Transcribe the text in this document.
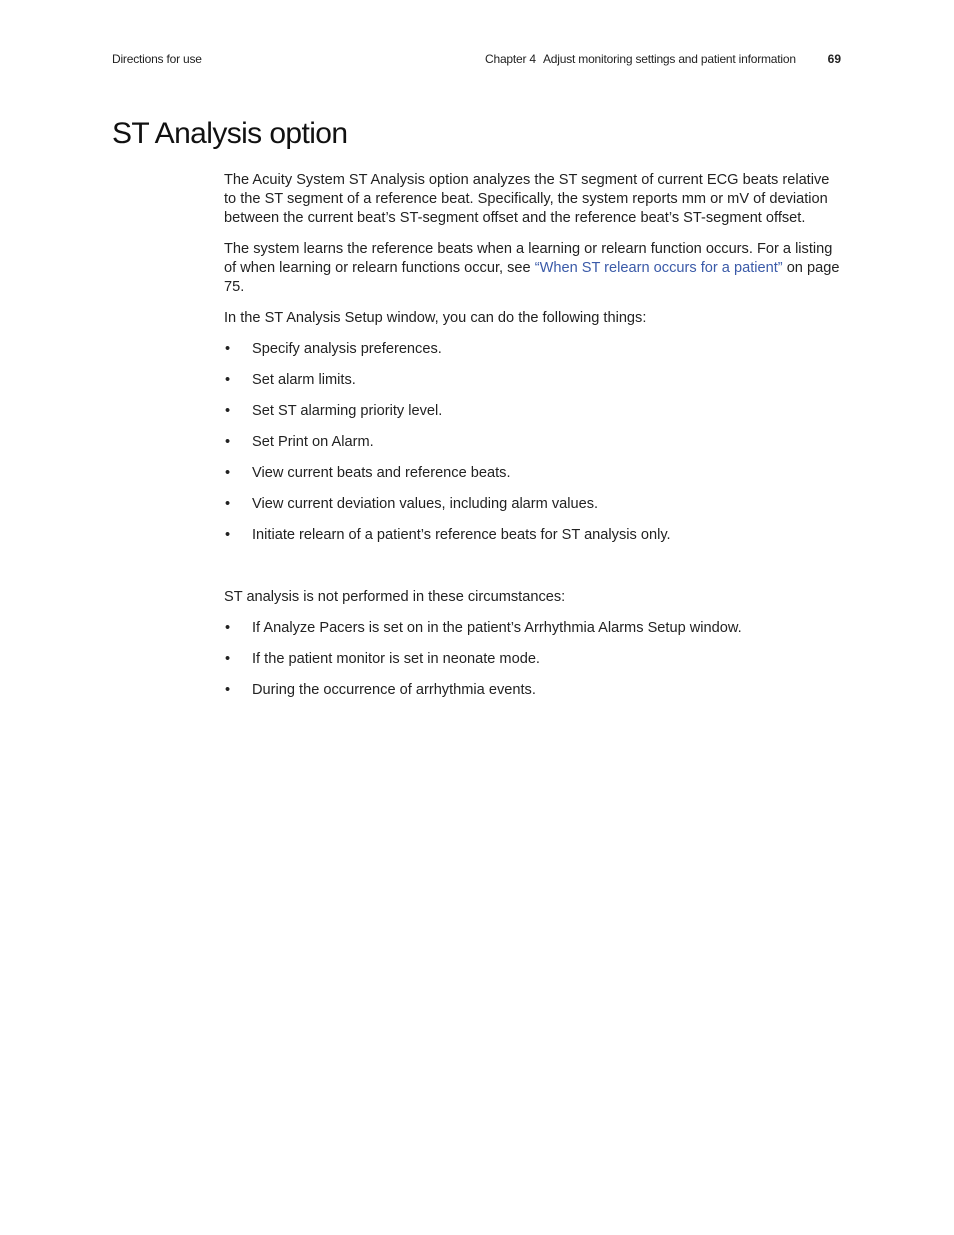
Directions for use	Chapter 4 Adjust monitoring settings and patient information	69
ST Analysis option

The Acuity System ST Analysis option analyzes the ST segment of current ECG beats relative to the ST segment of a reference beat. Specifically, the system reports mm or mV of deviation between the current beat’s ST-segment offset and the reference beat’s ST-segment offset.

The system learns the reference beats when a learning or relearn function occurs. For a listing of when learning or relearn functions occur, see “When ST relearn occurs for a patient” on page 75.

In the ST Analysis Setup window, you can do the following things:

• Specify analysis preferences.
• Set alarm limits.
• Set ST alarming priority level.
• Set Print on Alarm.
• View current beats and reference beats.
• View current deviation values, including alarm values.
• Initiate relearn of a patient’s reference beats for ST analysis only.

ST analysis is not performed in these circumstances:

• If Analyze Pacers is set on in the patient’s Arrhythmia Alarms Setup window.
• If the patient monitor is set in neonate mode.
• During the occurrence of arrhythmia events.
